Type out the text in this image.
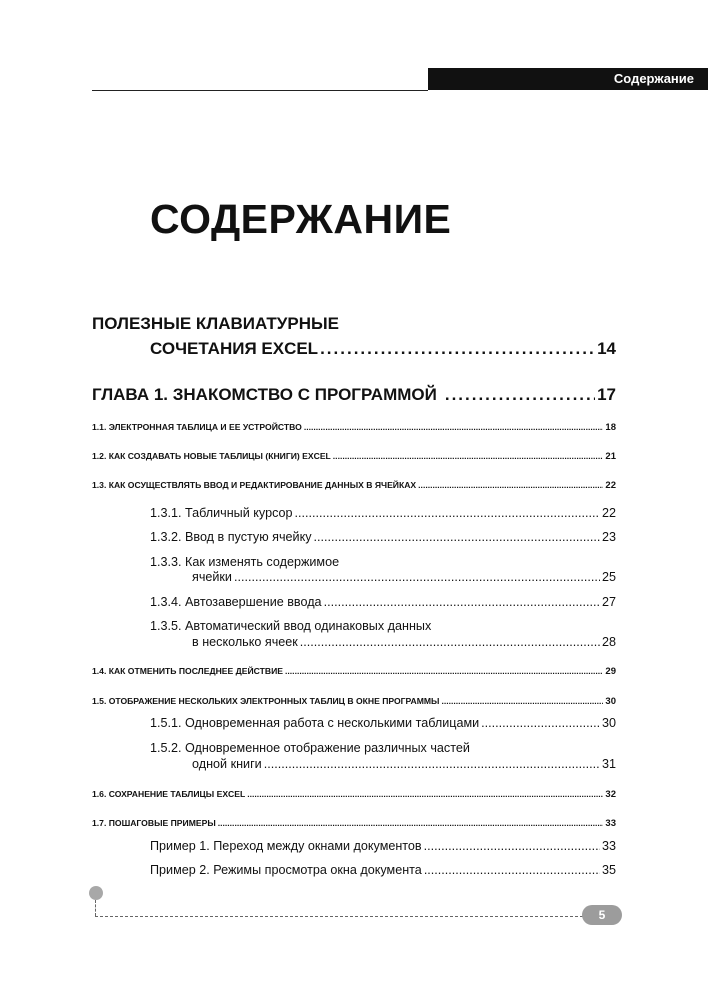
Содержание
СОДЕРЖАНИЕ
ПОЛЕЗНЫЕ КЛАВИАТУРНЫЕ
СОЧЕТАНИЯ EXCEL .....	14
ГЛАВА 1. ЗНАКОМСТВО С ПРОГРАММОЙ .....	17
1.1. ЭЛЕКТРОННАЯ ТАБЛИЦА И ЕЕ УСТРОЙСТВО .....	18
1.2. КАК СОЗДАВАТЬ НОВЫЕ ТАБЛИЦЫ (КНИГИ) EXCEL .....	21
1.3. КАК ОСУЩЕСТВЛЯТЬ ВВОД И РЕДАКТИРОВАНИЕ ДАННЫХ В ЯЧЕЙКАХ .....	22
1.3.1. Табличный курсор .....	22
1.3.2. Ввод в пустую ячейку .....	23
1.3.3. Как изменять содержимое
ячейки .....	25
1.3.4. Автозавершение ввода .....	27
1.3.5. Автоматический ввод одинаковых данных
в несколько ячеек .....	28
1.4. КАК ОТМЕНИТЬ ПОСЛЕДНЕЕ ДЕЙСТВИЕ .....	29
1.5. ОТОБРАЖЕНИЕ НЕСКОЛЬКИХ ЭЛЕКТРОННЫХ ТАБЛИЦ В ОКНЕ ПРОГРАММЫ .....	30
1.5.1. Одновременная работа с несколькими таблицами .....	30
1.5.2. Одновременное отображение различных частей
одной книги .....	31
1.6. СОХРАНЕНИЕ ТАБЛИЦЫ EXCEL .....	32
1.7. ПОШАГОВЫЕ ПРИМЕРЫ .....	33
Пример 1. Переход между окнами документов .....	33
Пример 2. Режимы просмотра окна документа .....	35
5
